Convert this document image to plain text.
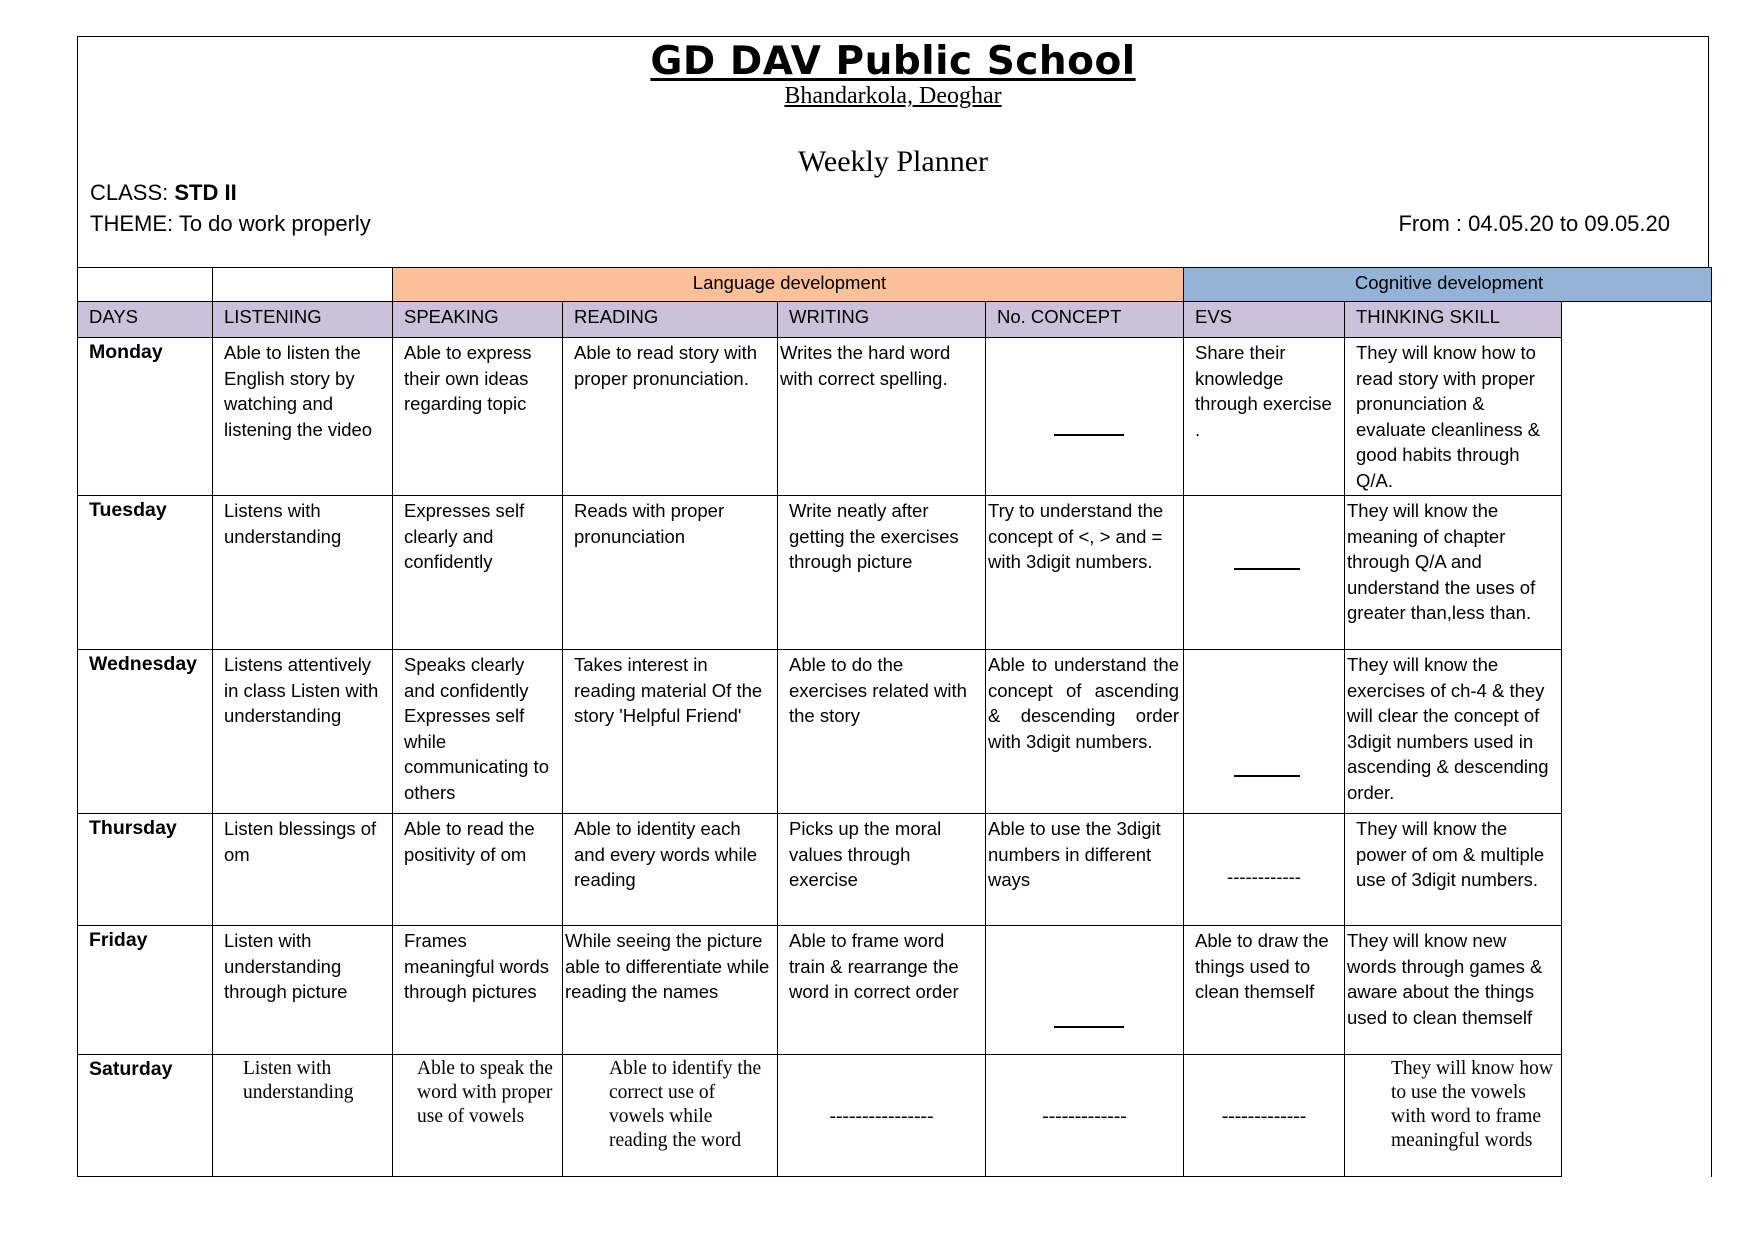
GD DAV Public School
Bhandarkola, Deoghar
Weekly Planner
CLASS: STD II
THEME: To do work properly	From : 04.05.20 to 09.05.20
		Language development				Cognitive development		
DAYS	LISTENING	SPEAKING	READING	WRITING	No. CONCEPT	EVS	THINKING SKILL	
Monday	Able to listen the English story by watching and listening the video	Able to express their own ideas regarding topic	Able to read story with proper pronunciation.	Writes the hard word with correct spelling.		Share their knowledge through exercise .	They will know how to read story with proper pronunciation & evaluate cleanliness & good habits through Q/A.	
Tuesday	Listens with understanding	Expresses self clearly and confidently	Reads with proper pronunciation	Write neatly after getting the exercises through picture	Try to understand the concept of <, > and = with 3digit numbers.		They will know the meaning of chapter through Q/A and understand the uses of greater than,less than.	
Wednesday	Listens attentively in class Listen with understanding	Speaks clearly and confidently Expresses self while communicating to others	Takes interest in reading material Of the story 'Helpful Friend'	Able to do the exercises related with the story	Able to understand the concept of ascending & descending order with 3digit numbers.		They will know the exercises of ch-4 & they will clear the concept of 3digit numbers used in ascending & descending order.	
Thursday	Listen blessings of om	Able to read the positivity of om	Able to identity each and every words while reading	Picks up the moral values through exercise	Able to use the 3digit numbers in different ways	------------	They will know the power of om & multiple use of 3digit numbers.	
Friday	Listen with understanding through picture	Frames meaningful words through pictures	While seeing the picture able to differentiate while reading the names	Able to frame word train & rearrange the word in correct order		Able to draw the things used to clean themself	They will know new words through games & aware about the things used to clean themself	
Saturday	Listen with understanding	Able to speak the word with proper use of vowels	Able to identify the correct use of vowels while reading the word	----------------	-------------	-------------	They will know how to use the vowels with word to frame meaningful words	
